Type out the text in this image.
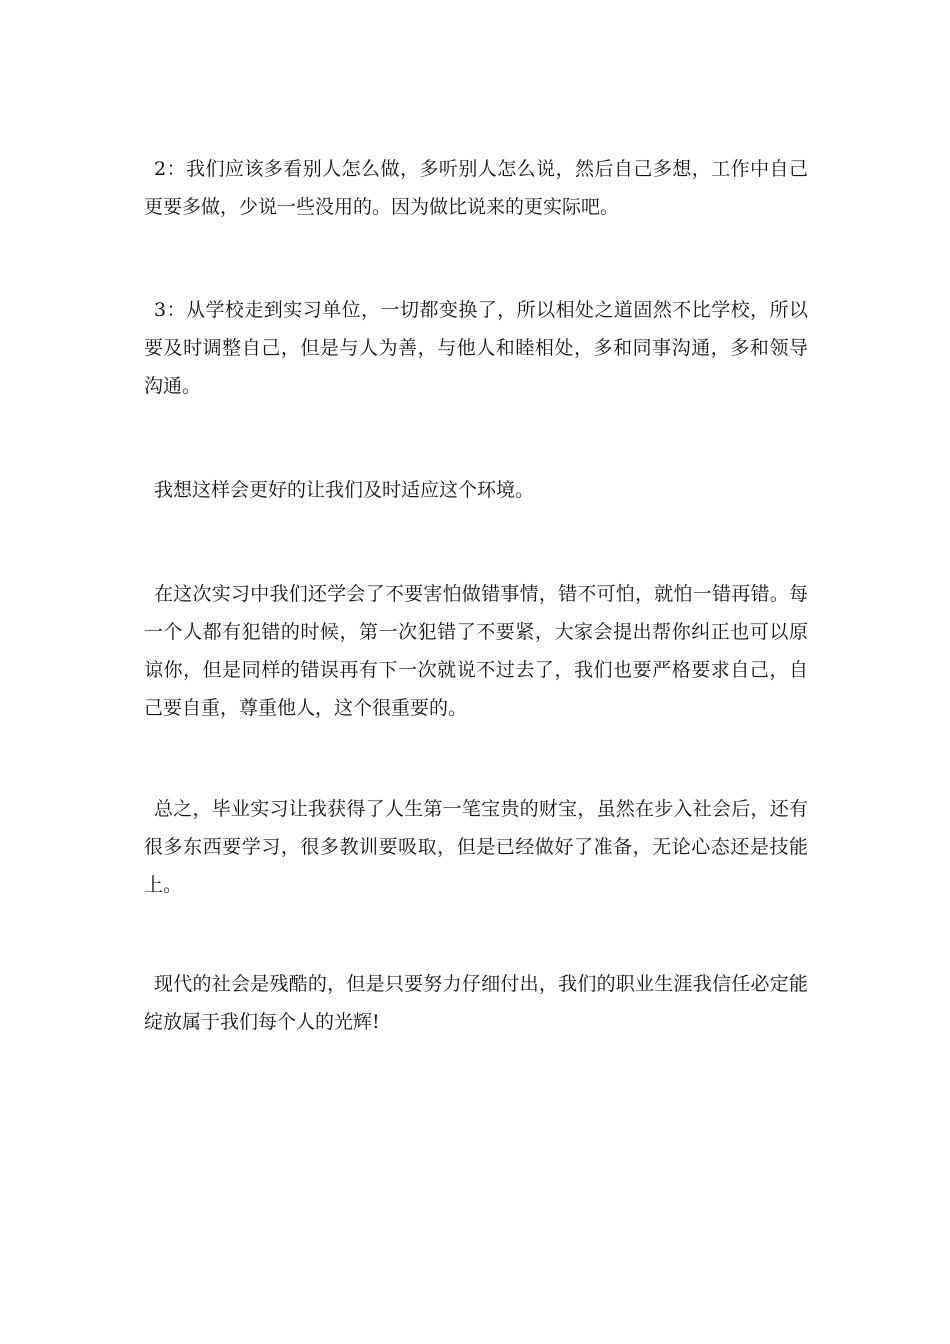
2：我们应该多看别人怎么做，多听别人怎么说，然后自己多想，工作中自己更要多做，少说一些没用的。因为做比说来的更实际吧。

3：从学校走到实习单位，一切都变换了，所以相处之道固然不比学校，所以要及时调整自己，但是与人为善，与他人和睦相处，多和同事沟通，多和领导沟通。

我想这样会更好的让我们及时适应这个环境。

在这次实习中我们还学会了不要害怕做错事情，错不可怕，就怕一错再错。每一个人都有犯错的时候，第一次犯错了不要紧，大家会提出帮你纠正也可以原谅你，但是同样的错误再有下一次就说不过去了，我们也要严格要求自己，自己要自重，尊重他人，这个很重要的。

总之，毕业实习让我获得了人生第一笔宝贵的财宝，虽然在步入社会后，还有很多东西要学习，很多教训要吸取，但是已经做好了准备，无论心态还是技能上。

现代的社会是残酷的，但是只要努力仔细付出，我们的职业生涯我信任必定能绽放属于我们每个人的光辉!
